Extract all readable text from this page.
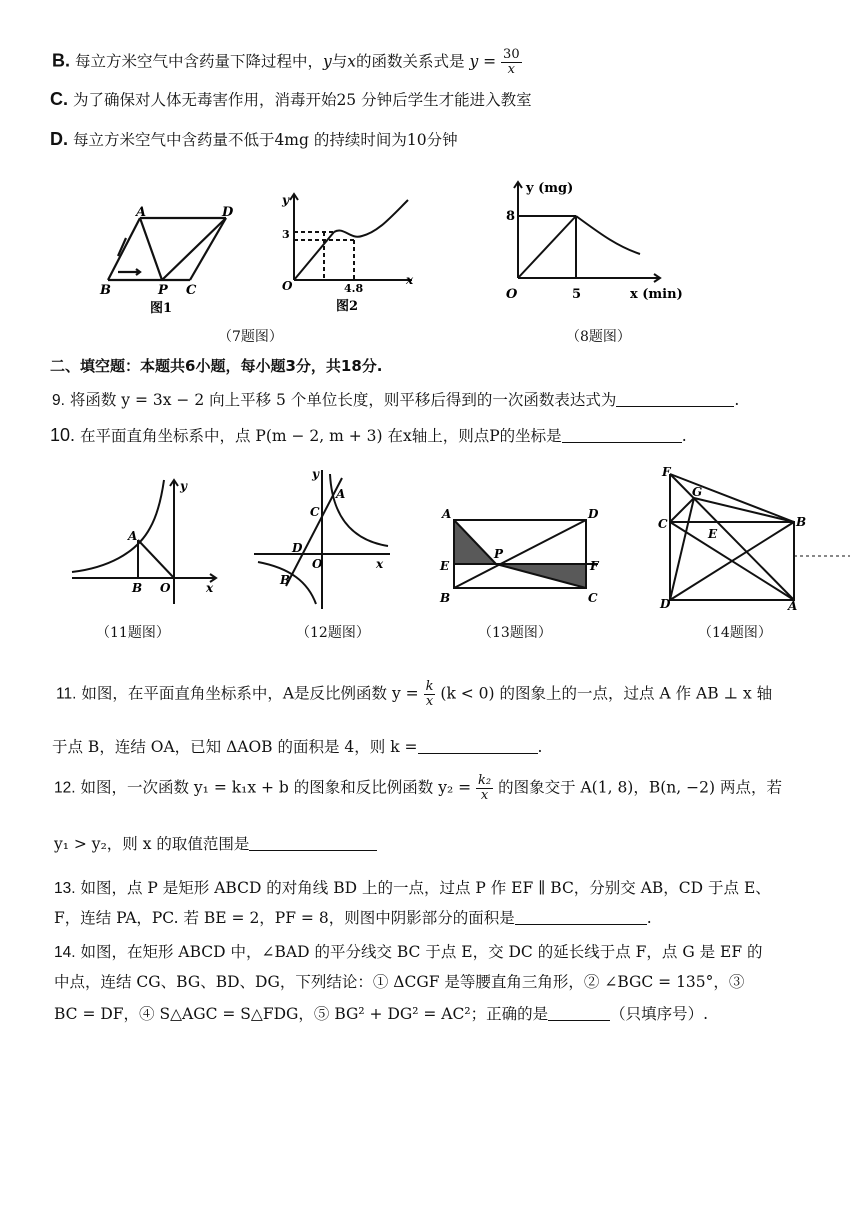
B. 每立方米空气中含药量下降过程中，y与x的函数关系式是 $y = \frac{30}{x}$
C. 为了确保对人体无毒害作用，消毒开始25 分钟后学生才能进入教室
D. 每立方米空气中含药量不低于4mg 的持续时间为10分钟
A	D
B	P C
图1
y
x
O
3
4.8
图2
（7题图）
y (mg)
x (min)
O
8
5
（8题图）
二、填空题：本题共6小题，每小题3分，共18分.
9. 将函数 y = 3x − 2 向上平移 5 个单位长度，则平移后得到的一次函数表达式为	.
10. 在平面直角坐标系中，点 P(m − 2, m + 3) 在x轴上，则点P的坐标是	.
A
B O	x
y
（11题图）
y
C
A
D
B
O	x
（12题图）
A	D
E
P
F
B	C
（13题图）
F
G
C	B
E
D	A
（14题图）
11. 如图，在平面直角坐标系中，A是反比例函数 $y = \frac{k}{x} (k < 0)$ 的图象上的一点，过点 A 作 AB ⊥ x 轴
于点 B，连结 OA，已知 ΔAOB 的面积是 4，则 k =	.
12. 如图，一次函数 y₁ = k₁x + b 的图象和反比例函数 $y_2 = \frac{\text{k₂}}{x}$ 的图象交于 A(1, 8)，B(n, −2) 两点，若
y₁ > y₂，则 x 的取值范围是
13. 如图，点 P 是矩形 ABCD 的对角线 BD 上的一点，过点 P 作 EF ∥ BC，分别交 AB，CD 于点 E、
F，连结 PA，PC. 若 BE = 2，PF = 8，则图中阴影部分的面积是	.
14. 如图，在矩形 ABCD 中，∠BAD 的平分线交 BC 于点 E，交 DC 的延长线于点 F，点 G 是 EF 的
中点，连结 CG、BG、BD、DG，下列结论：① ΔCGF 是等腰直角三角形，② ∠BGC = 135°，③
BC = DF，④ S△AGC = S△FDG，⑤ BG² + DG² = AC²；正确的是	（只填序号）.
